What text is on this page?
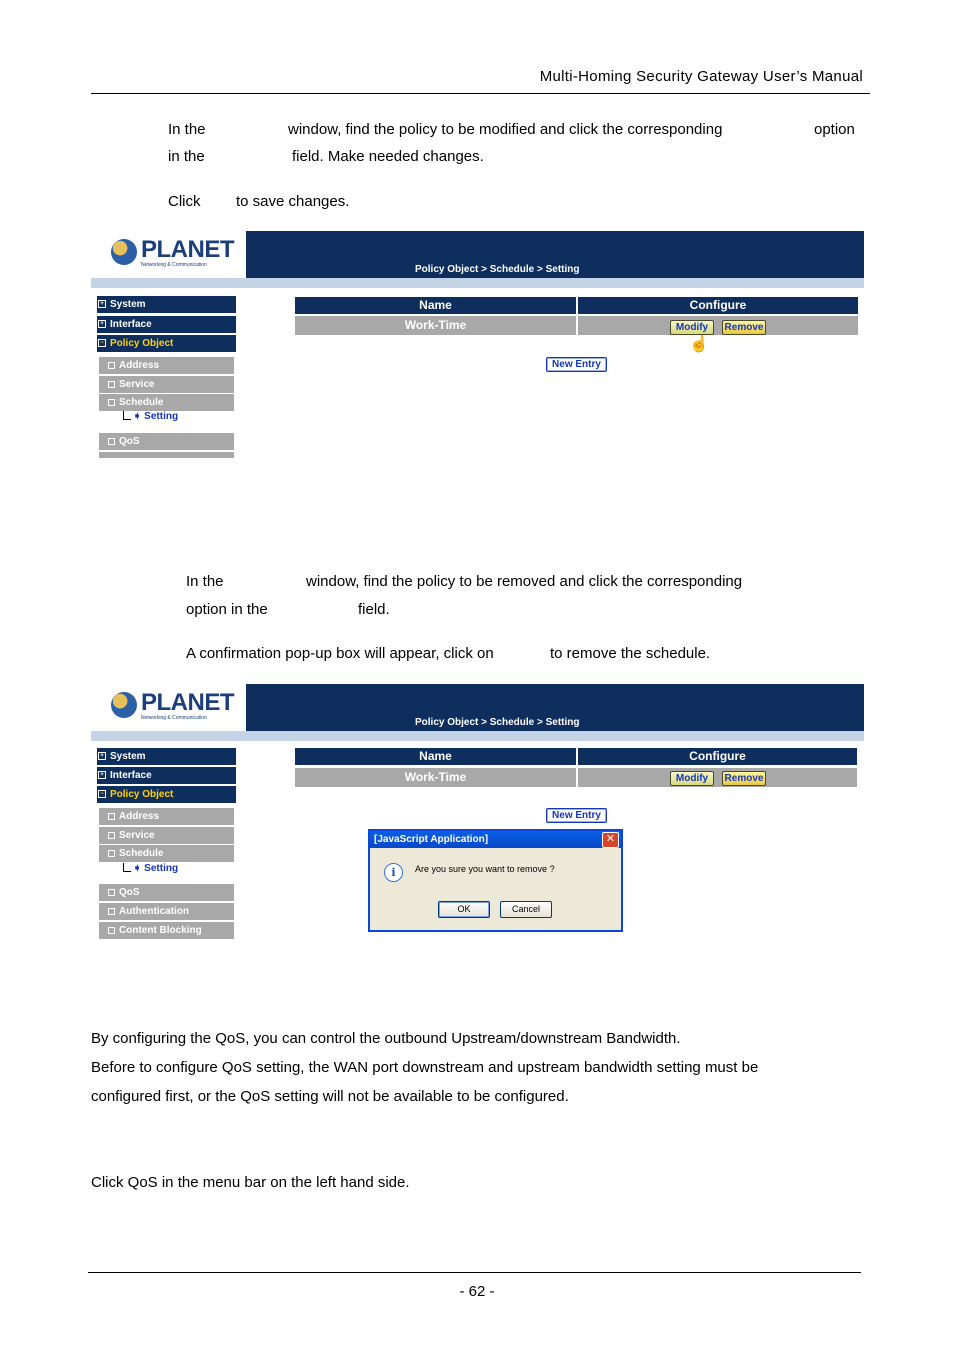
Multi-Homing Security Gateway User’s Manual
In the	window, find the policy to be modified and click the corresponding	option
in the	field. Make needed changes.
Click to save changes.
PLANET
Networking & Communication	Policy Object > Schedule > Setting
+ System
+ Interface
− Policy Object
Address
Service
Schedule
➧ Setting
QoS
Name	Configure
Work-Time	Modify	Remove
☝
New Entry
In the	window, find the policy to be removed and click the corresponding
option in the	field.
A confirmation pop-up box will appear, click on	to remove the schedule.
PLANET
Networking & Communication	Policy Object > Schedule > Setting
+ System
+ Interface
− Policy Object
Address
Service
Schedule
➧ Setting
QoS
Authentication
Content Blocking
Name	Configure
Work-Time	Modify	Remove
New Entry
[JavaScript Application]	✕
i	Are you sure you want to remove ?
OK	Cancel
By configuring the QoS, you can control the outbound Upstream/downstream Bandwidth.
Before to configure QoS setting, the WAN port downstream and upstream bandwidth setting must be
configured first, or the QoS setting will not be available to be configured.
Click QoS in the menu bar on the left hand side.
- 62 -
